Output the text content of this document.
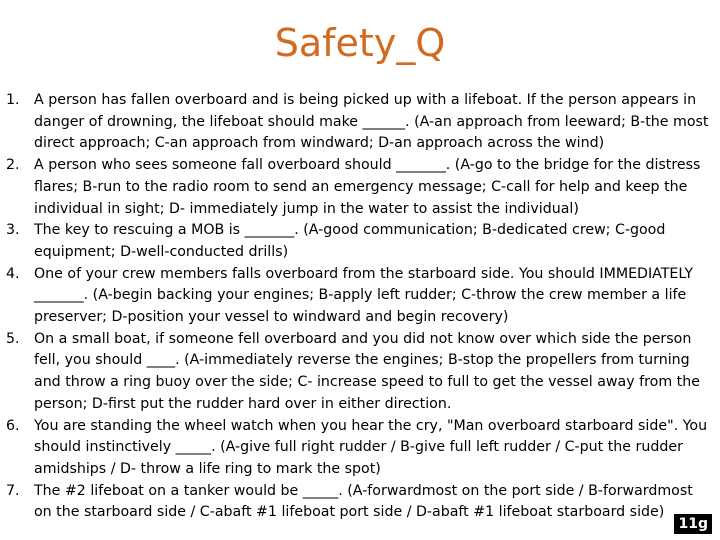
Safety_Q
1. A person has fallen overboard and is being picked up with a lifeboat. If the person appears in danger of drowning, the lifeboat should make ______. (A-an approach from leeward; B-the most direct approach; C-an approach from windward; D-an approach across the wind)
2. A person who sees someone fall overboard should _______. (A-go to the bridge for the distress flares; B-run to the radio room to send an emergency message; C-call for help and keep the individual in sight; D- immediately jump in the water to assist the individual)
3. The key to rescuing a MOB is _______. (A-good communication; B-dedicated crew; C-good equipment; D-well-conducted drills)
4. One of your crew members falls overboard from the starboard side. You should IMMEDIATELY _______. (A-begin backing your engines; B-apply left rudder; C-throw the crew member a life preserver; D-position your vessel to windward and begin recovery)
5. On a small boat, if someone fell overboard and you did not know over which side the person fell, you should ____. (A-immediately reverse the engines; B-stop the propellers from turning and throw a ring buoy over the side; C- increase speed to full to get the vessel away from the person; D-first put the rudder hard over in either direction.
6. You are standing the wheel watch when you hear the cry, "Man overboard starboard side". You should instinctively _____. (A-give full right rudder / B-give full left rudder / C-put the rudder amidships / D- throw a life ring to mark the spot)
7. The #2 lifeboat on a tanker would be _____. (A-forwardmost on the port side / B-forwardmost on the starboard side / C-abaft #1 lifeboat port side / D-abaft #1 lifeboat starboard side)
11g
